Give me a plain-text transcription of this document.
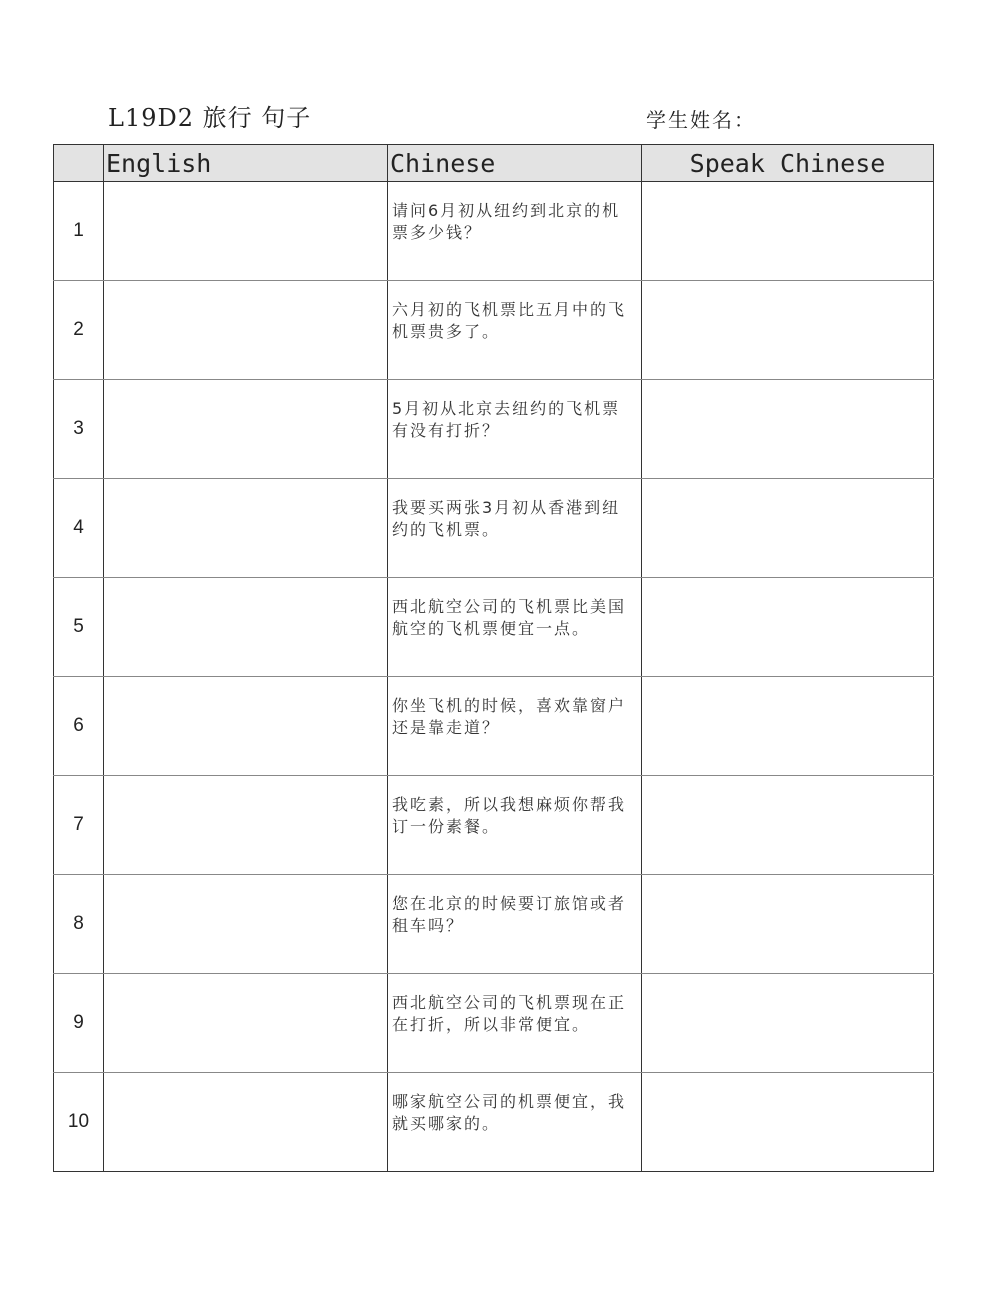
L19D2 旅行 句子	学生姓名：
	English	Chinese	Speak Chinese
1		请问6月初从纽约到北京的机票多少钱？	
2		六月初的飞机票比五月中的飞机票贵多了。	
3		5月初从北京去纽约的飞机票有没有打折？	
4		我要买两张3月初从香港到纽约的飞机票。	
5		西北航空公司的飞机票比美国航空的飞机票便宜一点。	
6		你坐飞机的时候，喜欢靠窗户还是靠走道？	
7		我吃素，所以我想麻烦你帮我订一份素餐。	
8		您在北京的时候要订旅馆或者租车吗？	
9		西北航空公司的飞机票现在正在打折，所以非常便宜。	
10		哪家航空公司的机票便宜，我就买哪家的。	
